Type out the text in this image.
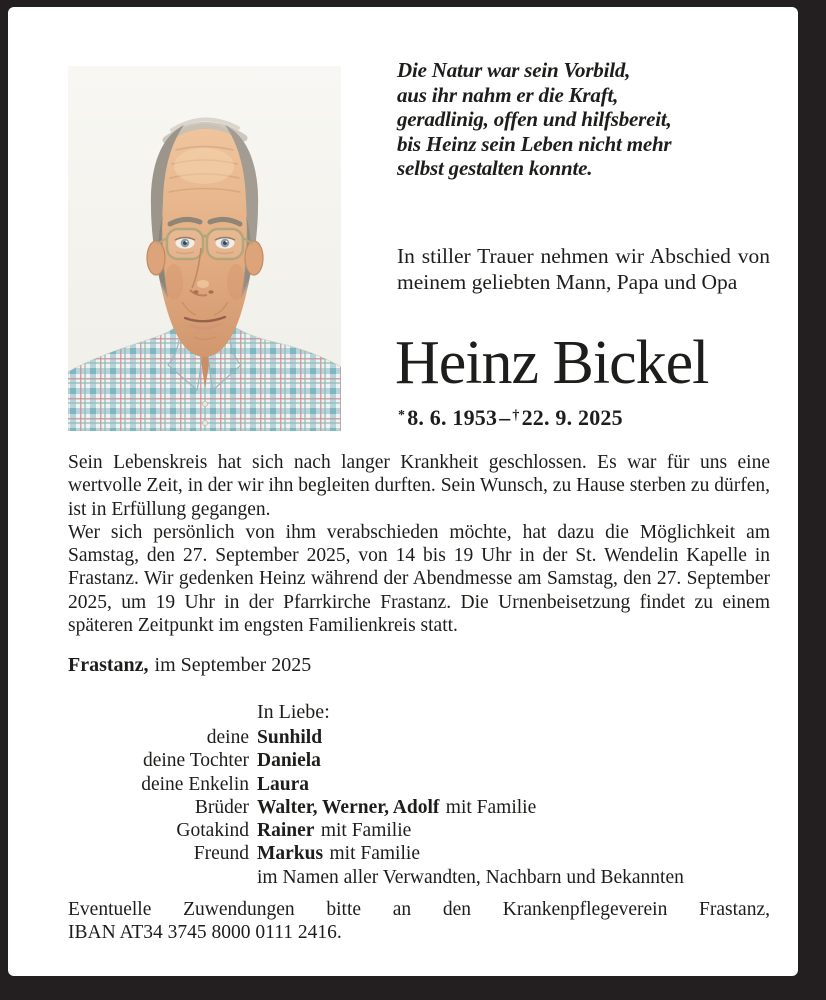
Die Natur war sein Vorbild,
aus ihr nahm er die Kraft,
geradlinig, offen und hilfsbereit,
bis Heinz sein Leben nicht mehr
selbst gestalten konnte.
In stiller Trauer nehmen wir Abschied von meinem geliebten Mann, Papa und Opa
Heinz Bickel
*8. 6. 1953– †22. 9. 2025

Sein Lebenskreis hat sich nach langer Krankheit geschlossen. Es war für uns eine wertvolle Zeit, in der wir ihn begleiten durften. Sein Wunsch, zu Hause sterben zu dürfen, ist in Erfüllung gegangen.

Wer sich persönlich von ihm verabschieden möchte, hat dazu die Möglichkeit am Samstag, den 27. September 2025, von 14 bis 19 Uhr in der St. Wendelin Kapelle in Frastanz. Wir gedenken Heinz während der Abendmesse am Samstag, den 27. September 2025, um 19 Uhr in der Pfarrkirche Frastanz. Die Urnenbeisetzung findet zu einem späteren Zeitpunkt im engsten Familienkreis statt.

Frastanz, im September 2025
In Liebe:
deine Sunhild
deine Tochter Daniela
deine Enkelin Laura
Brüder Walter, Werner, Adolf mit Familie
Gotakind Rainer mit Familie
Freund Markus mit Familie
im Namen aller Verwandten, Nachbarn und Bekannten
Eventuelle Zuwendungen bitte an den Krankenpflegeverein Frastanz,
IBAN AT34 3745 8000 0111 2416.
